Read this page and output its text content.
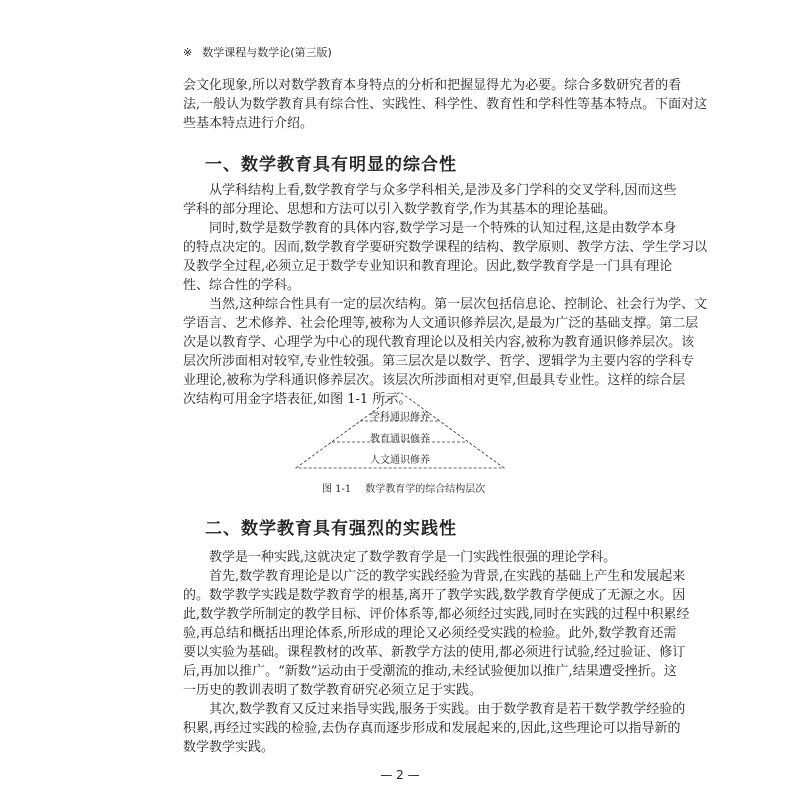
※ 数学课程与数学论(第三版)
会文化现象,所以对数学教育本身特点的分析和把握显得尤为必要。综合多数研究者的看
法,一般认为数学教育具有综合性、实践性、科学性、教育性和学科性等基本特点。下面对这
些基本特点进行介绍。
一、数学教育具有明显的综合性
从学科结构上看,数学教育学与众多学科相关,是涉及多门学科的交叉学科,因而这些
学科的部分理论、思想和方法可以引入数学教育学,作为其基本的理论基础。
同时,数学是数学教育的具体内容,数学学习是一个特殊的认知过程,这是由数学本身
的特点决定的。因而,数学教育学要研究数学课程的结构、教学原则、教学方法、学生学习以
及教学全过程,必须立足于数学专业知识和教育理论。因此,数学教育学是一门具有理论
性、综合性的学科。
当然,这种综合性具有一定的层次结构。第一层次包括信息论、控制论、社会行为学、文
学语言、艺术修养、社会伦理等,被称为人文通识修养层次,是最为广泛的基础支撑。第二层
次是以教育学、心理学为中心的现代教育理论以及相关内容,被称为教育通识修养层次。该
层次所涉面相对较窄,专业性较强。第三层次是以数学、哲学、逻辑学为主要内容的学科专
业理论,被称为学科通识修养层次。该层次所涉面相对更窄,但最具专业性。这样的综合层
次结构可用金字塔表征,如图 1-1 所示。
学科通识修养
教育通识修养
人文通识修养
图 1-1 数学教育学的综合结构层次
二、数学教育具有强烈的实践性
教学是一种实践,这就决定了数学教育学是一门实践性很强的理论学科。
首先,数学教育理论是以广泛的教学实践经验为背景,在实践的基础上产生和发展起来
的。数学教学实践是数学教育学的根基,离开了教学实践,数学教育学便成了无源之水。因
此,数学教学所制定的教学目标、评价体系等,都必须经过实践,同时在实践的过程中积累经
验,再总结和概括出理论体系,所形成的理论又必须经受实践的检验。此外,数学教育还需
要以实验为基础。课程教材的改革、新教学方法的使用,都必须进行试验,经过验证、修订
后,再加以推广。“新数”运动由于受潮流的推动,未经试验便加以推广,结果遭受挫折。这
一历史的教训表明了数学教育研究必须立足于实践。
其次,数学教育又反过来指导实践,服务于实践。由于数学教育是若干数学教学经验的
积累,再经过实践的检验,去伪存真而逐步形成和发展起来的,因此,这些理论可以指导新的
数学教学实践。
— 2 —
